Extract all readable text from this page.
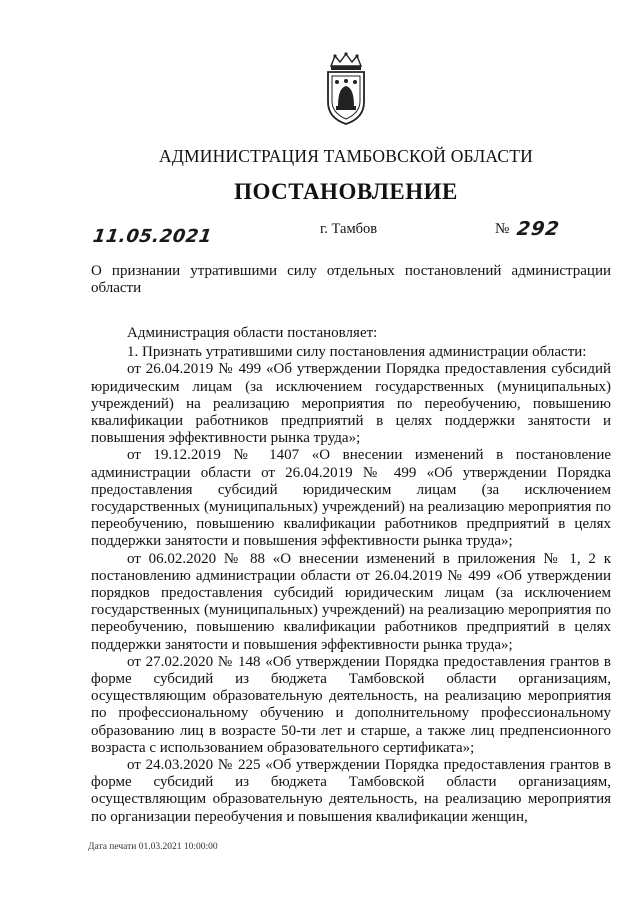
АДМИНИСТРАЦИЯ ТАМБОВСКОЙ ОБЛАСТИ
ПОСТАНОВЛЕНИЕ
11.05.2021	г. Тамбов	№ 292
О признании утратившими силу отдельных постановлений администрации области

Администрация области постановляет:

1. Признать утратившими силу постановления администрации области:

от 26.04.2019 № 499 «Об утверждении Порядка предоставления субсидий юридическим лицам (за исключением государственных (муниципальных) учреждений) на реализацию мероприятия по переобучению, повышению квалификации работников предприятий в целях поддержки занятости и повышения эффективности рынка труда»;

от 19.12.2019 № 1407 «О внесении изменений в постановление администрации области от 26.04.2019 № 499 «Об утверждении Порядка предоставления субсидий юридическим лицам (за исключением государственных (муниципальных) учреждений) на реализацию мероприятия по переобучению, повышению квалификации работников предприятий в целях поддержки занятости и повышения эффективности рынка труда»;

от 06.02.2020 № 88 «О внесении изменений в приложения № 1, 2 к постановлению администрации области от 26.04.2019 № 499 «Об утверждении порядков предоставления субсидий юридическим лицам (за исключением государственных (муниципальных) учреждений) на реализацию мероприятия по переобучению, повышению квалификации работников предприятий в целях поддержки занятости и повышения эффективности рынка труда»;

от 27.02.2020 № 148 «Об утверждении Порядка предоставления грантов в форме субсидий из бюджета Тамбовской области организациям, осуществляющим образовательную деятельность, на реализацию мероприятия по профессиональному обучению и дополнительному профессиональному образованию лиц в возрасте 50-ти лет и старше, а также лиц предпенсионного возраста с использованием образовательного сертификата»;

от 24.03.2020 № 225 «Об утверждении Порядка предоставления грантов в форме субсидий из бюджета Тамбовской области организациям, осуществляющим образовательную деятельность, на реализацию мероприятия по организации переобучения и повышения квалификации женщин,

Дата печати 01.03.2021 10:00:00
